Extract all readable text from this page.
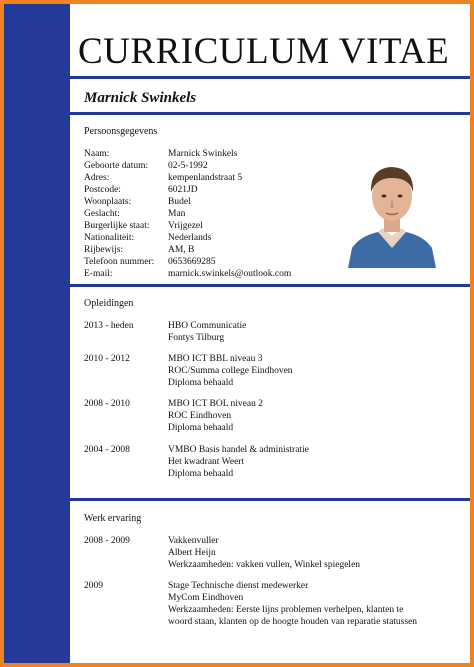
CURRICULUM VITAE
Marnick Swinkels
Persoonsgegevens
Naam:	Marnick Swinkels
Geboorte datum: 02-5-1992
Adres:	kempenlandstraat 5
Postcode:	6021JD
Woonplaats:	Budel
Geslacht:	Man
Burgerlijke staat: Vrijgezel
Nationaliteit:	Nederlands
Rijbewijs:	AM, B
Telefoon nummer: 0653669285
E-mail:	marnick.swinkels@outlook.com
Opleidingen
2013 - heden	HBO Communicatie
Fontys Tilburg
2010 - 2012	MBO ICT BBL niveau 3
ROC/Summa college Eindhoven
Diploma behaald
2008 - 2010	MBO ICT BOL niveau 2
ROC Eindhoven
Diploma behaald
2004 - 2008	VMBO Basis handel & administratie
Het kwadrant Weert
Diploma behaald
Werk ervaring
2008 - 2009	Vakkenvuller
Albert Heijn
Werkzaamheden: vakken vullen, Winkel spiegelen
2009	Stage Technische dienst medewerker
MyCom Eindhoven
Werkzaamheden: Eerste lijns problemen verhelpen, klanten te
woord staan, klanten op de hoogte houden van reparatie statussen
